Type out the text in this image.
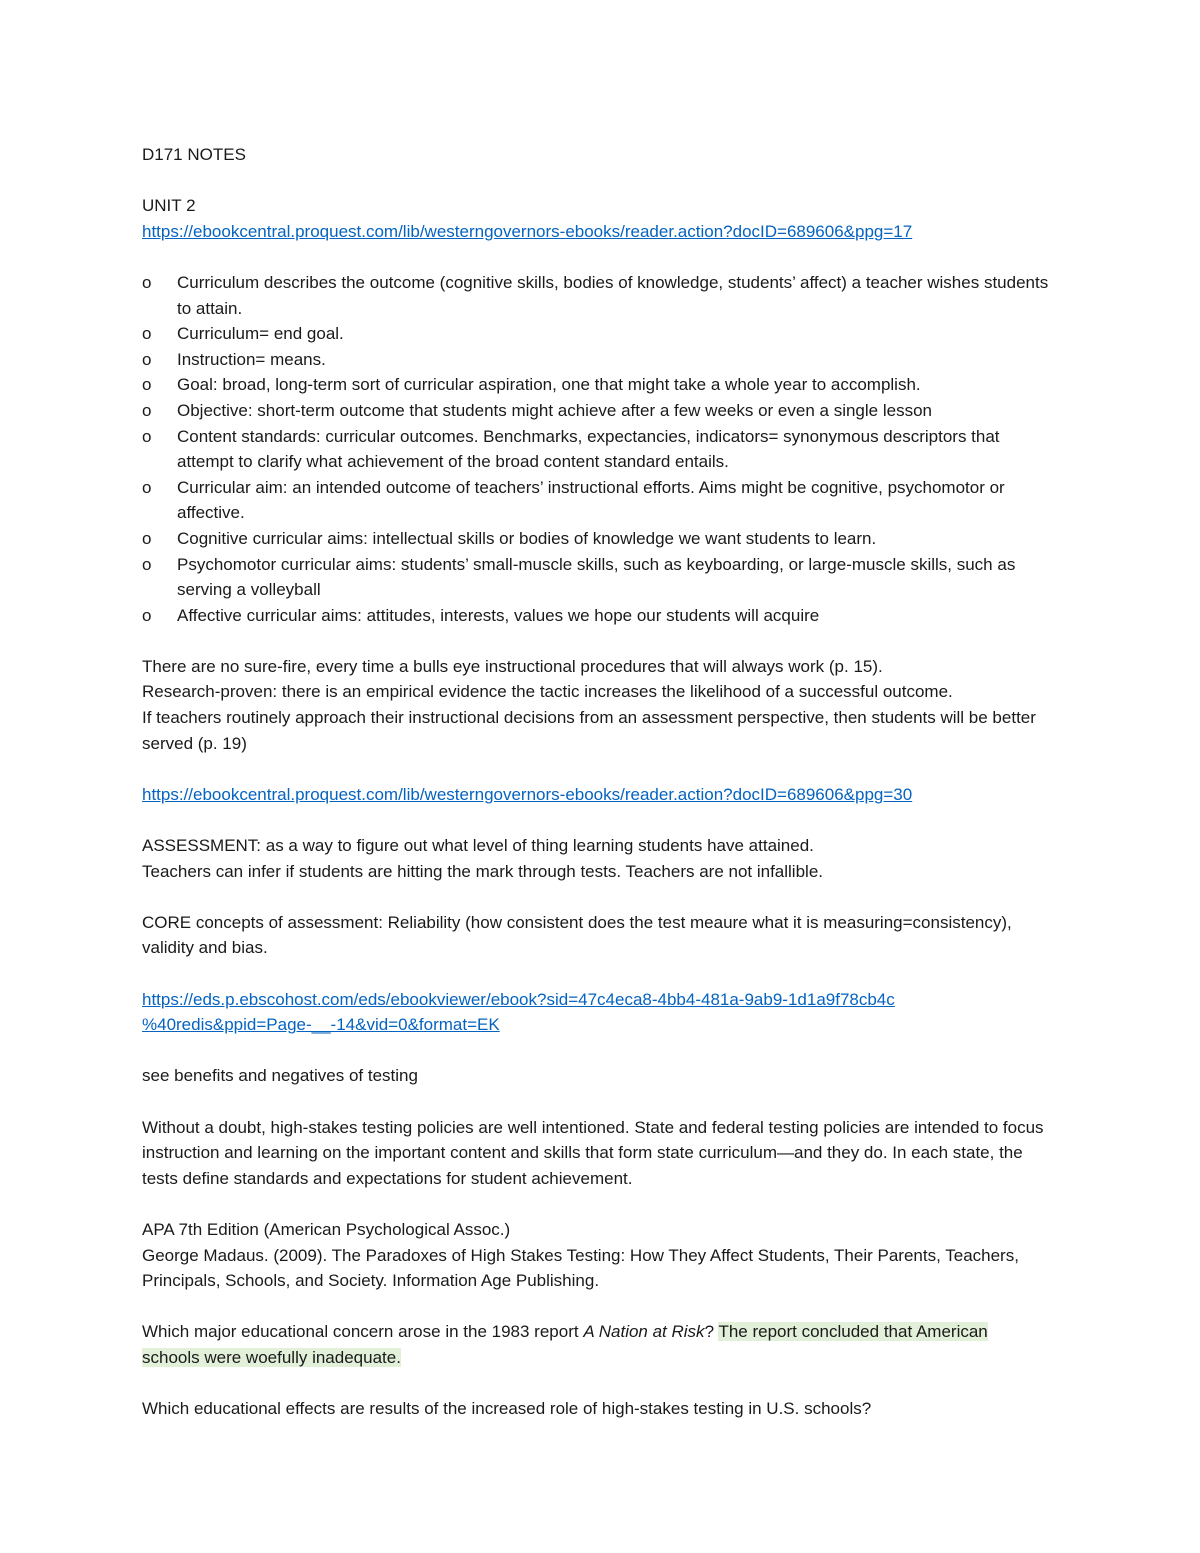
D171 NOTES

UNIT 2

https://ebookcentral.proquest.com/lib/westerngovernors-ebooks/reader.action?docID=689606&ppg=17

o	Curriculum describes the outcome (cognitive skills, bodies of knowledge, students’ affect) a teacher wishes students to attain.
o	Curriculum= end goal.
o	Instruction= means.
o	Goal: broad, long-term sort of curricular aspiration, one that might take a whole year to accomplish.
o	Objective: short-term outcome that students might achieve after a few weeks or even a single lesson
o	Content standards: curricular outcomes. Benchmarks, expectancies, indicators= synonymous descriptors that attempt to clarify what achievement of the broad content standard entails.
o	Curricular aim: an intended outcome of teachers’ instructional efforts. Aims might be cognitive, psychomotor or affective.
o	Cognitive curricular aims: intellectual skills or bodies of knowledge we want students to learn.
o	Psychomotor curricular aims: students’ small-muscle skills, such as keyboarding, or large-muscle skills, such as serving a volleyball
o	Affective curricular aims: attitudes, interests, values we hope our students will acquire

There are no sure-fire, every time a bulls eye instructional procedures that will always work (p. 15).

Research-proven: there is an empirical evidence the tactic increases the likelihood of a successful outcome.

If teachers routinely approach their instructional decisions from an assessment perspective, then students will be better served (p. 19)

https://ebookcentral.proquest.com/lib/westerngovernors-ebooks/reader.action?docID=689606&ppg=30

ASSESSMENT: as a way to figure out what level of thing learning students have attained.

Teachers can infer if students are hitting the mark through tests. Teachers are not infallible.

CORE concepts of assessment: Reliability (how consistent does the test meaure what it is measuring=consistency), validity and bias.

https://eds.p.ebscohost.com/eds/ebookviewer/ebook?sid=47c4eca8-4bb4-481a-9ab9-1d1a9f78cb4c
%40redis&ppid=Page-__-14&vid=0&format=EK

see benefits and negatives of testing

Without a doubt, high-stakes testing policies are well intentioned. State and federal testing policies are intended to focus instruction and learning on the important content and skills that form state curriculum—and they do. In each state, the tests define standards and expectations for student achievement.

APA 7th Edition (American Psychological Assoc.)

George Madaus. (2009). The Paradoxes of High Stakes Testing: How They Affect Students, Their Parents, Teachers, Principals, Schools, and Society. Information Age Publishing.

Which major educational concern arose in the 1983 report A Nation at Risk? The report concluded that American schools were woefully inadequate.

Which educational effects are results of the increased role of high-stakes testing in U.S. schools?
